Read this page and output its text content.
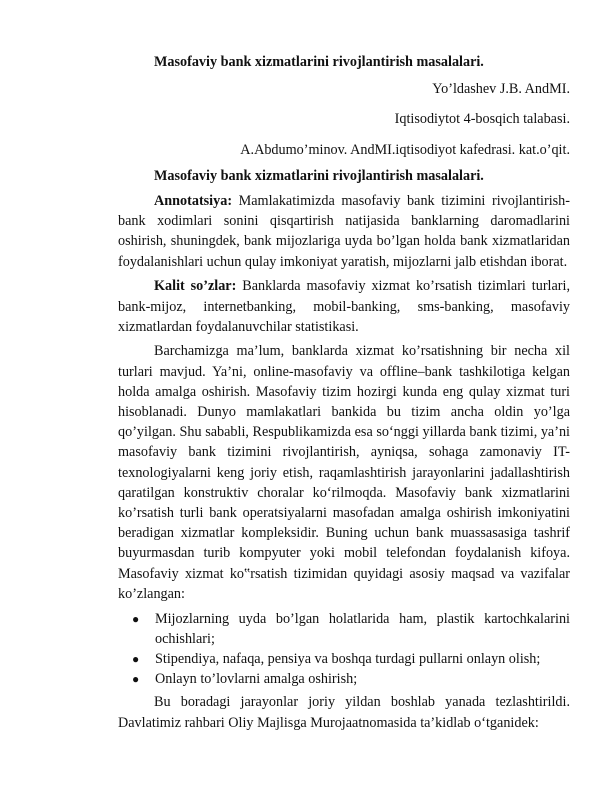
Masofaviy bank xizmatlarini rivojlantirish masalalari.

Yo’ldashev J.B. AndMI.

Iqtisodiytot 4-bosqich talabasi.

A.Abdumo’minov. AndMI.iqtisodiyot kafedrasi. kat.o’qit.

Masofaviy bank xizmatlarini rivojlantirish masalalari.

Annotatsiya: Mamlakatimizda masofaviy bank tizimini rivojlantirish-bank xodimlari sonini qisqartirish natijasida banklarning daromadlarini oshirish, shuningdek, bank mijozlariga uyda bo’lgan holda bank xizmatlaridan foydalanishlari uchun qulay imkoniyat yaratish, mijozlarni jalb etishdan iborat.

Kalit so’zlar: Banklarda masofaviy xizmat ko’rsatish tizimlari turlari, bank-mijoz, internetbanking, mobil-banking, sms-banking, masofaviy xizmatlardan foydalanuvchilar statistikasi.

Barchamizga ma’lum, banklarda xizmat ko’rsatishning bir necha xil turlari mavjud. Ya’ni, online-masofaviy va offline–bank tashkilotiga kelgan holda amalga oshirish. Masofaviy tizim hozirgi kunda eng qulay xizmat turi hisoblanadi. Dunyo mamlakatlari bankida bu tizim ancha oldin yo’lga qo’yilgan. Shu sababli, Respublikamizda esa so‘nggi yillarda bank tizimi, ya’ni masofaviy bank tizimini rivojlantirish, ayniqsa, sohaga zamonaviy IT-texnologiyalarni keng joriy etish, raqamlashtirish jarayonlarini jadallashtirish qaratilgan konstruktiv choralar ko‘rilmoqda. Masofaviy bank xizmatlarini ko’rsatish turli bank operatsiyalarni masofadan amalga oshirish imkoniyatini beradigan xizmatlar kompleksidir. Buning uchun bank muassasasiga tashrif buyurmasdan turib kompyuter yoki mobil telefondan foydalanish kifoya. Masofaviy xizmat ko‟rsatish tizimidan quyidagi asosiy maqsad va vazifalar ko’zlangan:

● Mijozlarning uyda bo’lgan holatlarida ham, plastik kartochkalarini ochishlari;
● Stipendiya, nafaqa, pensiya va boshqa turdagi pullarni onlayn olish;
● Onlayn to’lovlarni amalga oshirish;

Bu boradagi jarayonlar joriy yildan boshlab yanada tezlashtirildi. Davlatimiz rahbari Oliy Majlisga Murojaatnomasida ta’kidlab o‘tganidek:
